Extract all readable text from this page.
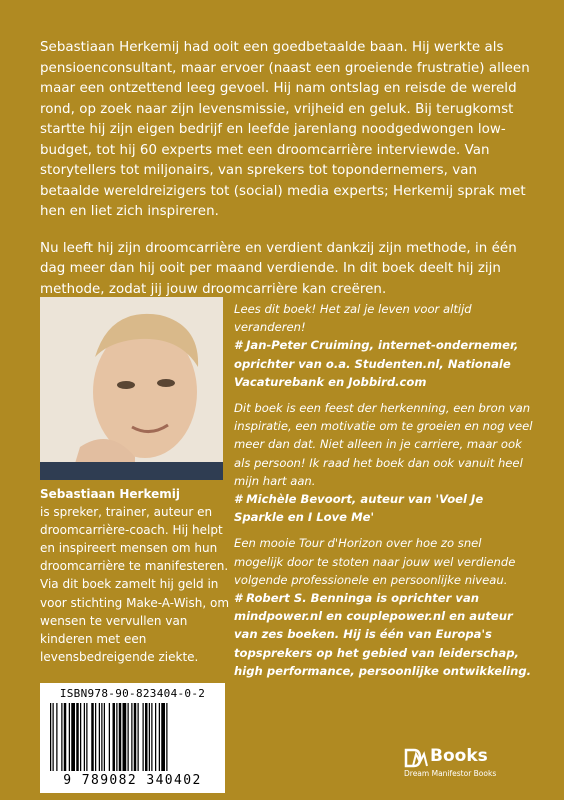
Sebastiaan Herkemij had ooit een goedbetaalde baan. Hij werkte als pensioenconsultant, maar ervoer (naast een groeiende frustratie) alleen maar een ontzettend leeg gevoel. Hij nam ontslag en reisde de wereld rond, op zoek naar zijn levensmissie, vrijheid en geluk. Bij terugkomst startte hij zijn eigen bedrijf en leefde jarenlang noodgedwongen low-budget, tot hij 60 experts met een droomcarrière interviewde. Van storytellers tot miljonairs, van sprekers tot topondernemers, van betaalde wereldreizigers tot (social) media experts; Herkemij sprak met hen en liet zich inspireren.

Nu leeft hij zijn droomcarrière en verdient dankzij zijn methode, in één dag meer dan hij ooit per maand verdiende. In dit boek deelt hij zijn methode, zodat jij jouw droomcarrière kan creëren.

Sebastiaan Herkemij

is spreker, trainer, auteur en droomcarrière-coach. Hij helpt en inspireert mensen om hun droomcarrière te manifesteren.

Via dit boek zamelt hij geld in voor stichting Make-A-Wish, om wensen te vervullen van kinderen met een levensbedreigende ziekte.

Lees dit boek! Het zal je leven voor altijd veranderen!
# Jan-Peter Cruiming, internet-ondernemer, oprichter van o.a. Studenten.nl, Nationale Vacaturebank en Jobbird.com
Dit boek is een feest der herkenning, een bron van inspiratie, een motivatie om te groeien en nog veel meer dan dat. Niet alleen in je carriere, maar ook als persoon! Ik raad het boek dan ook vanuit heel mijn hart aan.
# Michèle Bevoort, auteur van 'Voel Je Sparkle en I Love Me'
Een mooie Tour d'Horizon over hoe zo snel mogelijk door te stoten naar jouw wel verdiende volgende professionele en persoonlijke niveau.
# Robert S. Benninga is oprichter van mindpower.nl en couplepower.nl en auteur van zes boeken. Hij is één van Europa's topsprekers op het gebied van leiderschap, high performance, persoonlijke ontwikkeling.
ISBN978-90-823404-0-2
9 789082 340402
Books
Dream Manifestor Books
